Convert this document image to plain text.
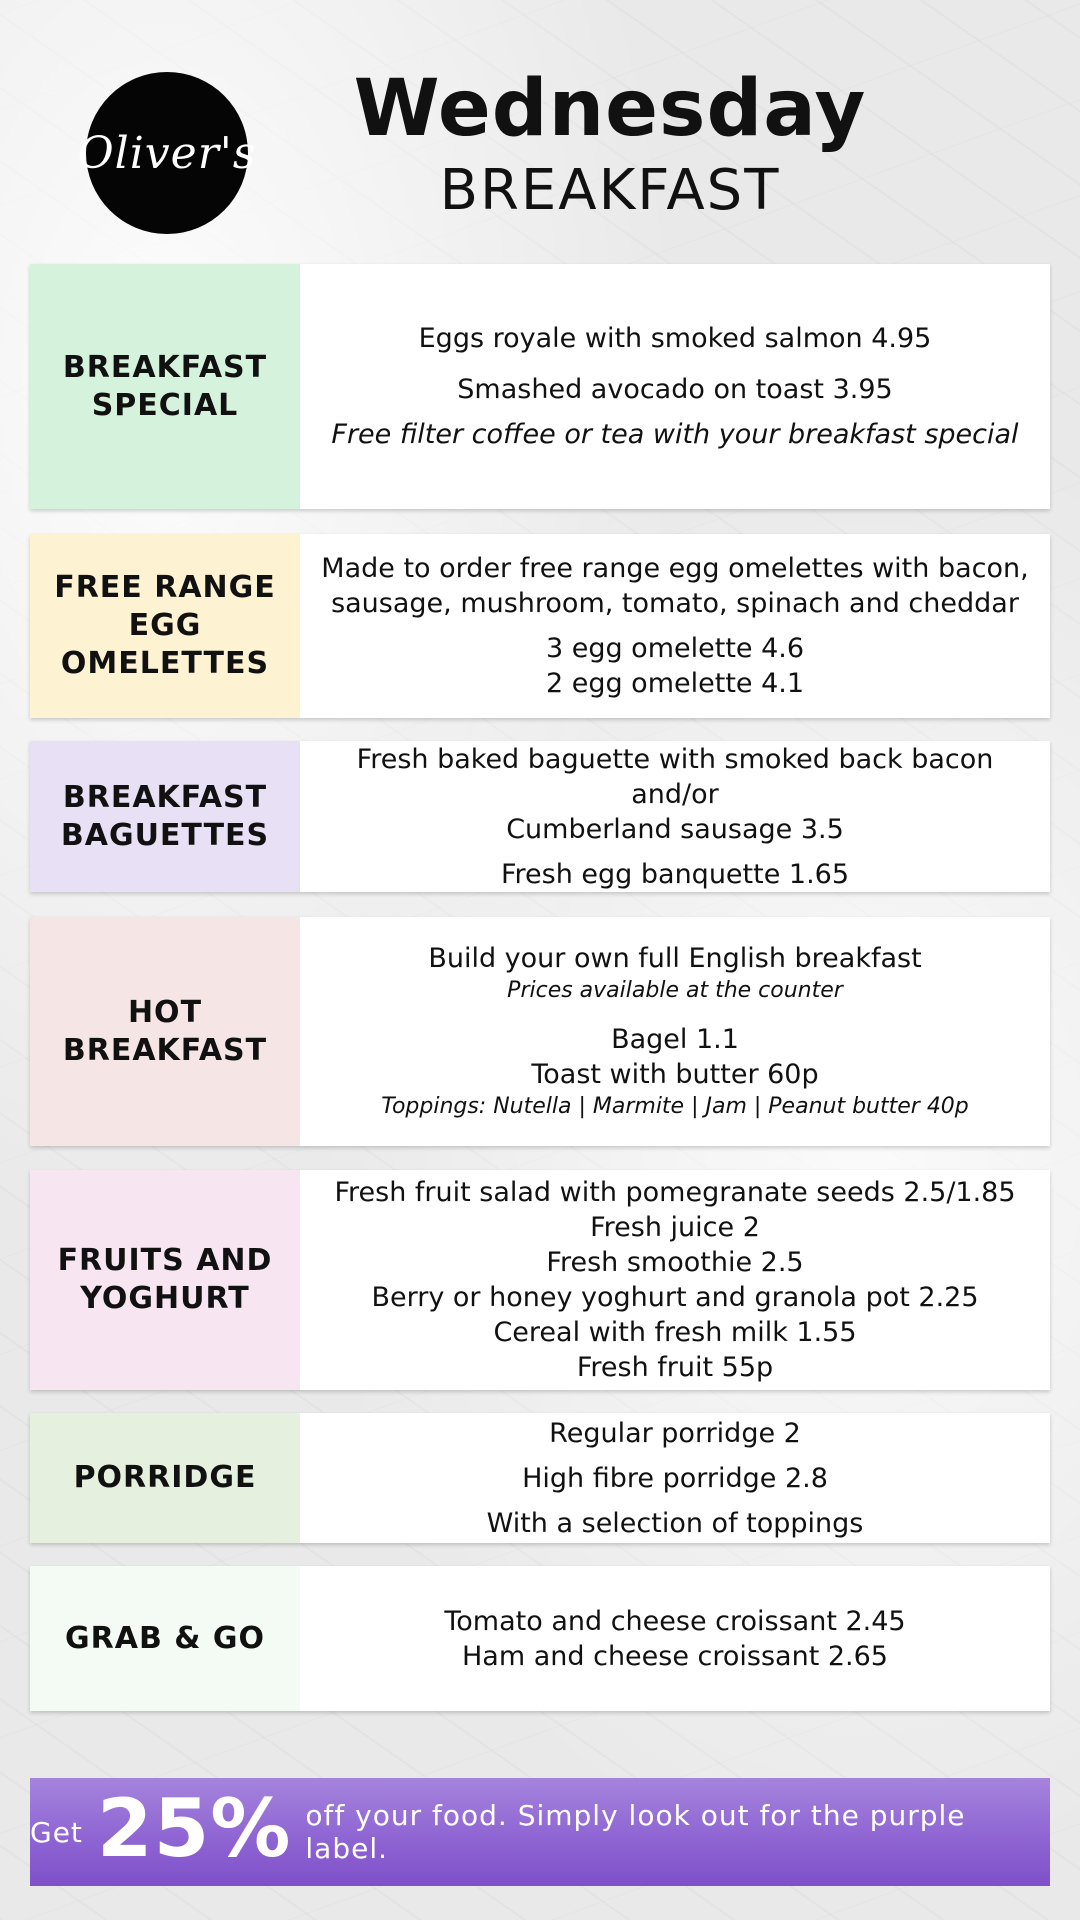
Oliver's	Wednesday
BREAKFAST
BREAKFAST SPECIAL
Eggs royale with smoked salmon 4.95
Smashed avocado on toast 3.95
Free filter coffee or tea with your breakfast special
FREE RANGE EGG OMELETTES
Made to order free range egg omelettes with bacon,
sausage, mushroom, tomato, spinach and cheddar
3 egg omelette 4.6
2 egg omelette 4.1
BREAKFAST BAGUETTES
Fresh baked baguette with smoked back bacon and/or
Cumberland sausage 3.5
Fresh egg banquette 1.65
HOT BREAKFAST
Build your own full English breakfast
Prices available at the counter
Bagel 1.1
Toast with butter 60p
Toppings: Nutella | Marmite | Jam | Peanut butter 40p
FRUITS AND YOGHURT
Fresh fruit salad with pomegranate seeds 2.5/1.85
Fresh juice 2
Fresh smoothie 2.5
Berry or honey yoghurt and granola pot 2.25
Cereal with fresh milk 1.55
Fresh fruit 55p
PORRIDGE
Regular porridge 2
High fibre porridge 2.8
With a selection of toppings
GRAB & GO	Tomato and cheese croissant 2.45
Ham and cheese croissant 2.65
Get 25% off your food. Simply look out for the purple label.
